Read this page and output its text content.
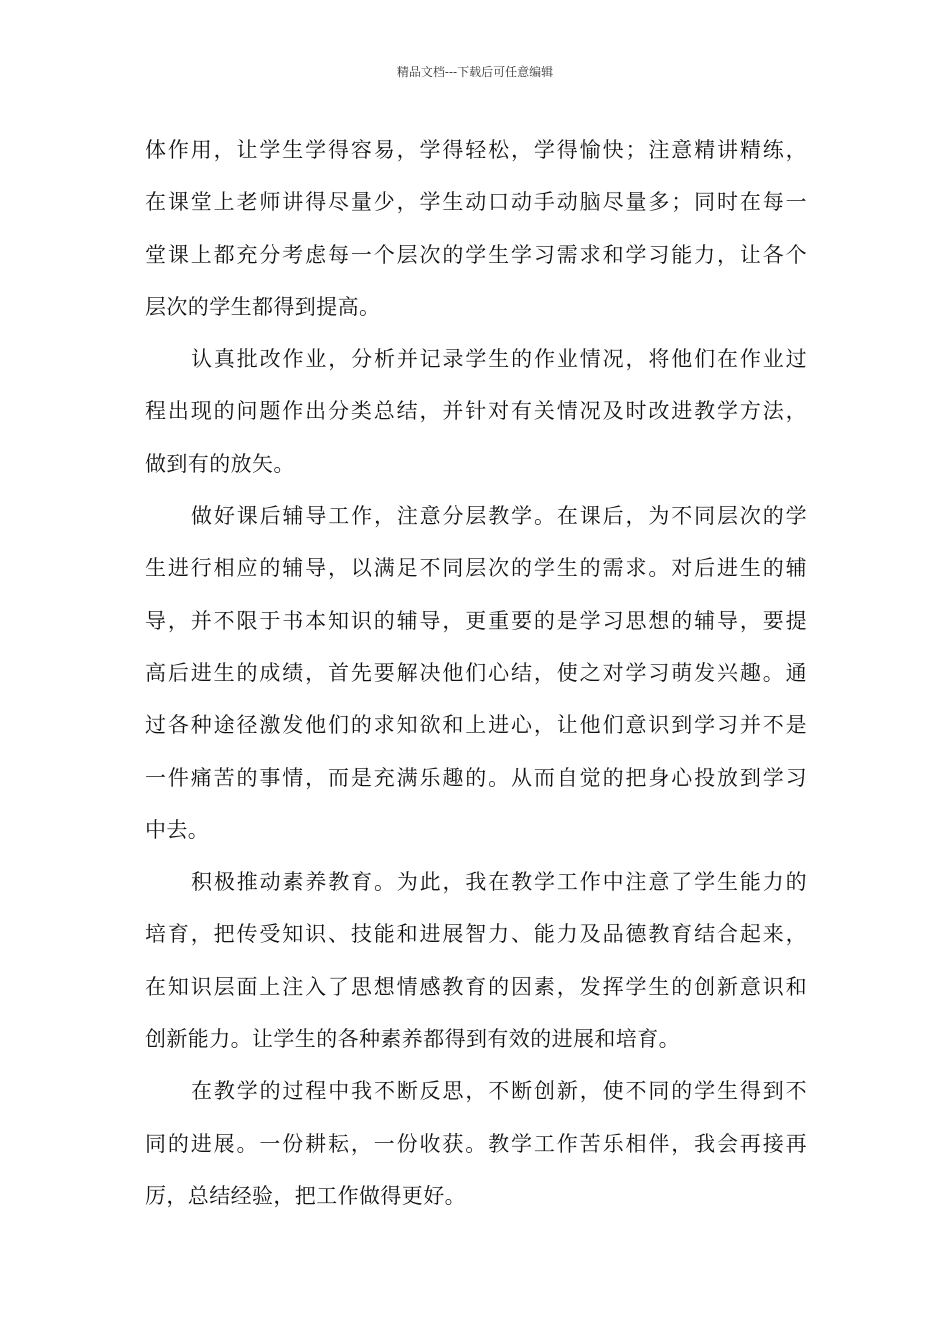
精品文档---下载后可任意编辑
体作用，让学生学得容易，学得轻松，学得愉快；注意精讲精练，
在课堂上老师讲得尽量少，学生动口动手动脑尽量多；同时在每一
堂课上都充分考虑每一个层次的学生学习需求和学习能力，让各个
层次的学生都得到提高。
认真批改作业，分析并记录学生的作业情况，将他们在作业过
程出现的问题作出分类总结，并针对有关情况及时改进教学方法，
做到有的放矢。
做好课后辅导工作，注意分层教学。在课后，为不同层次的学
生进行相应的辅导，以满足不同层次的学生的需求。对后进生的辅
导，并不限于书本知识的辅导，更重要的是学习思想的辅导，要提
高后进生的成绩，首先要解决他们心结，使之对学习萌发兴趣。通
过各种途径激发他们的求知欲和上进心，让他们意识到学习并不是
一件痛苦的事情，而是充满乐趣的。从而自觉的把身心投放到学习
中去。
积极推动素养教育。为此，我在教学工作中注意了学生能力的
培育，把传受知识、技能和进展智力、能力及品德教育结合起来，
在知识层面上注入了思想情感教育的因素，发挥学生的创新意识和
创新能力。让学生的各种素养都得到有效的进展和培育。
在教学的过程中我不断反思，不断创新，使不同的学生得到不
同的进展。一份耕耘，一份收获。教学工作苦乐相伴，我会再接再
厉，总结经验，把工作做得更好。
